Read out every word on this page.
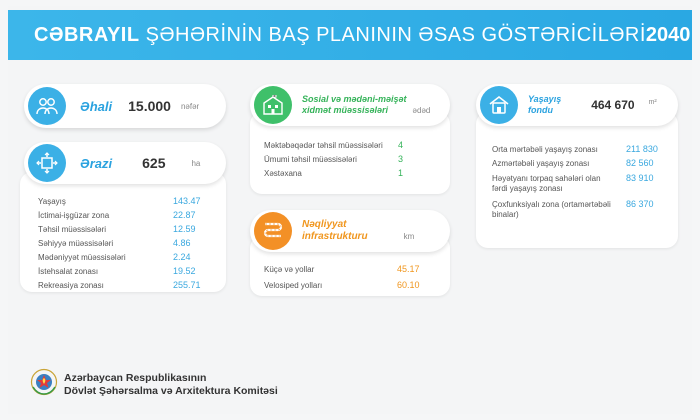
CƏBRAYIL ŞƏHƏRİNİN BAŞ PLANININ ƏSAS GÖSTƏRİCİLƏRİ 2040
Əhali 15.000 nəfər
Ərazi 625	ha
Yaşayış	143.47
İctimai-işgüzar zona	22.87
Təhsil müəssisələri	12.59
Səhiyyə müəssisələri	4.86
Mədəniyyət müəssisələri	2.24
İstehsalat zonası	19.52
Rekreasiya zonası	255.71
Sosial və mədəni-məişət
xidmət müəssisələri	ədəd
Məktəbəqədər təhsil müəssisələri 4
Ümumi təhsil müəssisələri	3
Xəstəxana	1
Nəqliyyat
infrastrukturu	km
Küçə və yollar	45.17
Velosiped yolları	60.10
Yaşayış
fondu	464 670 m²
Orta mərtəbəli yaşayış zonası	211 830
Azmərtəbəli yaşayış zonası	82 560
Həyətyanı torpaq sahələri olan
fərdi yaşayış zonası
83 910
Çoxfunksiyalı zona (ortamərtəbəli
binalar)
86 370
Azərbaycan Respublikasının
Dövlət Şəhərsalma və Arxitektura Komitəsi
